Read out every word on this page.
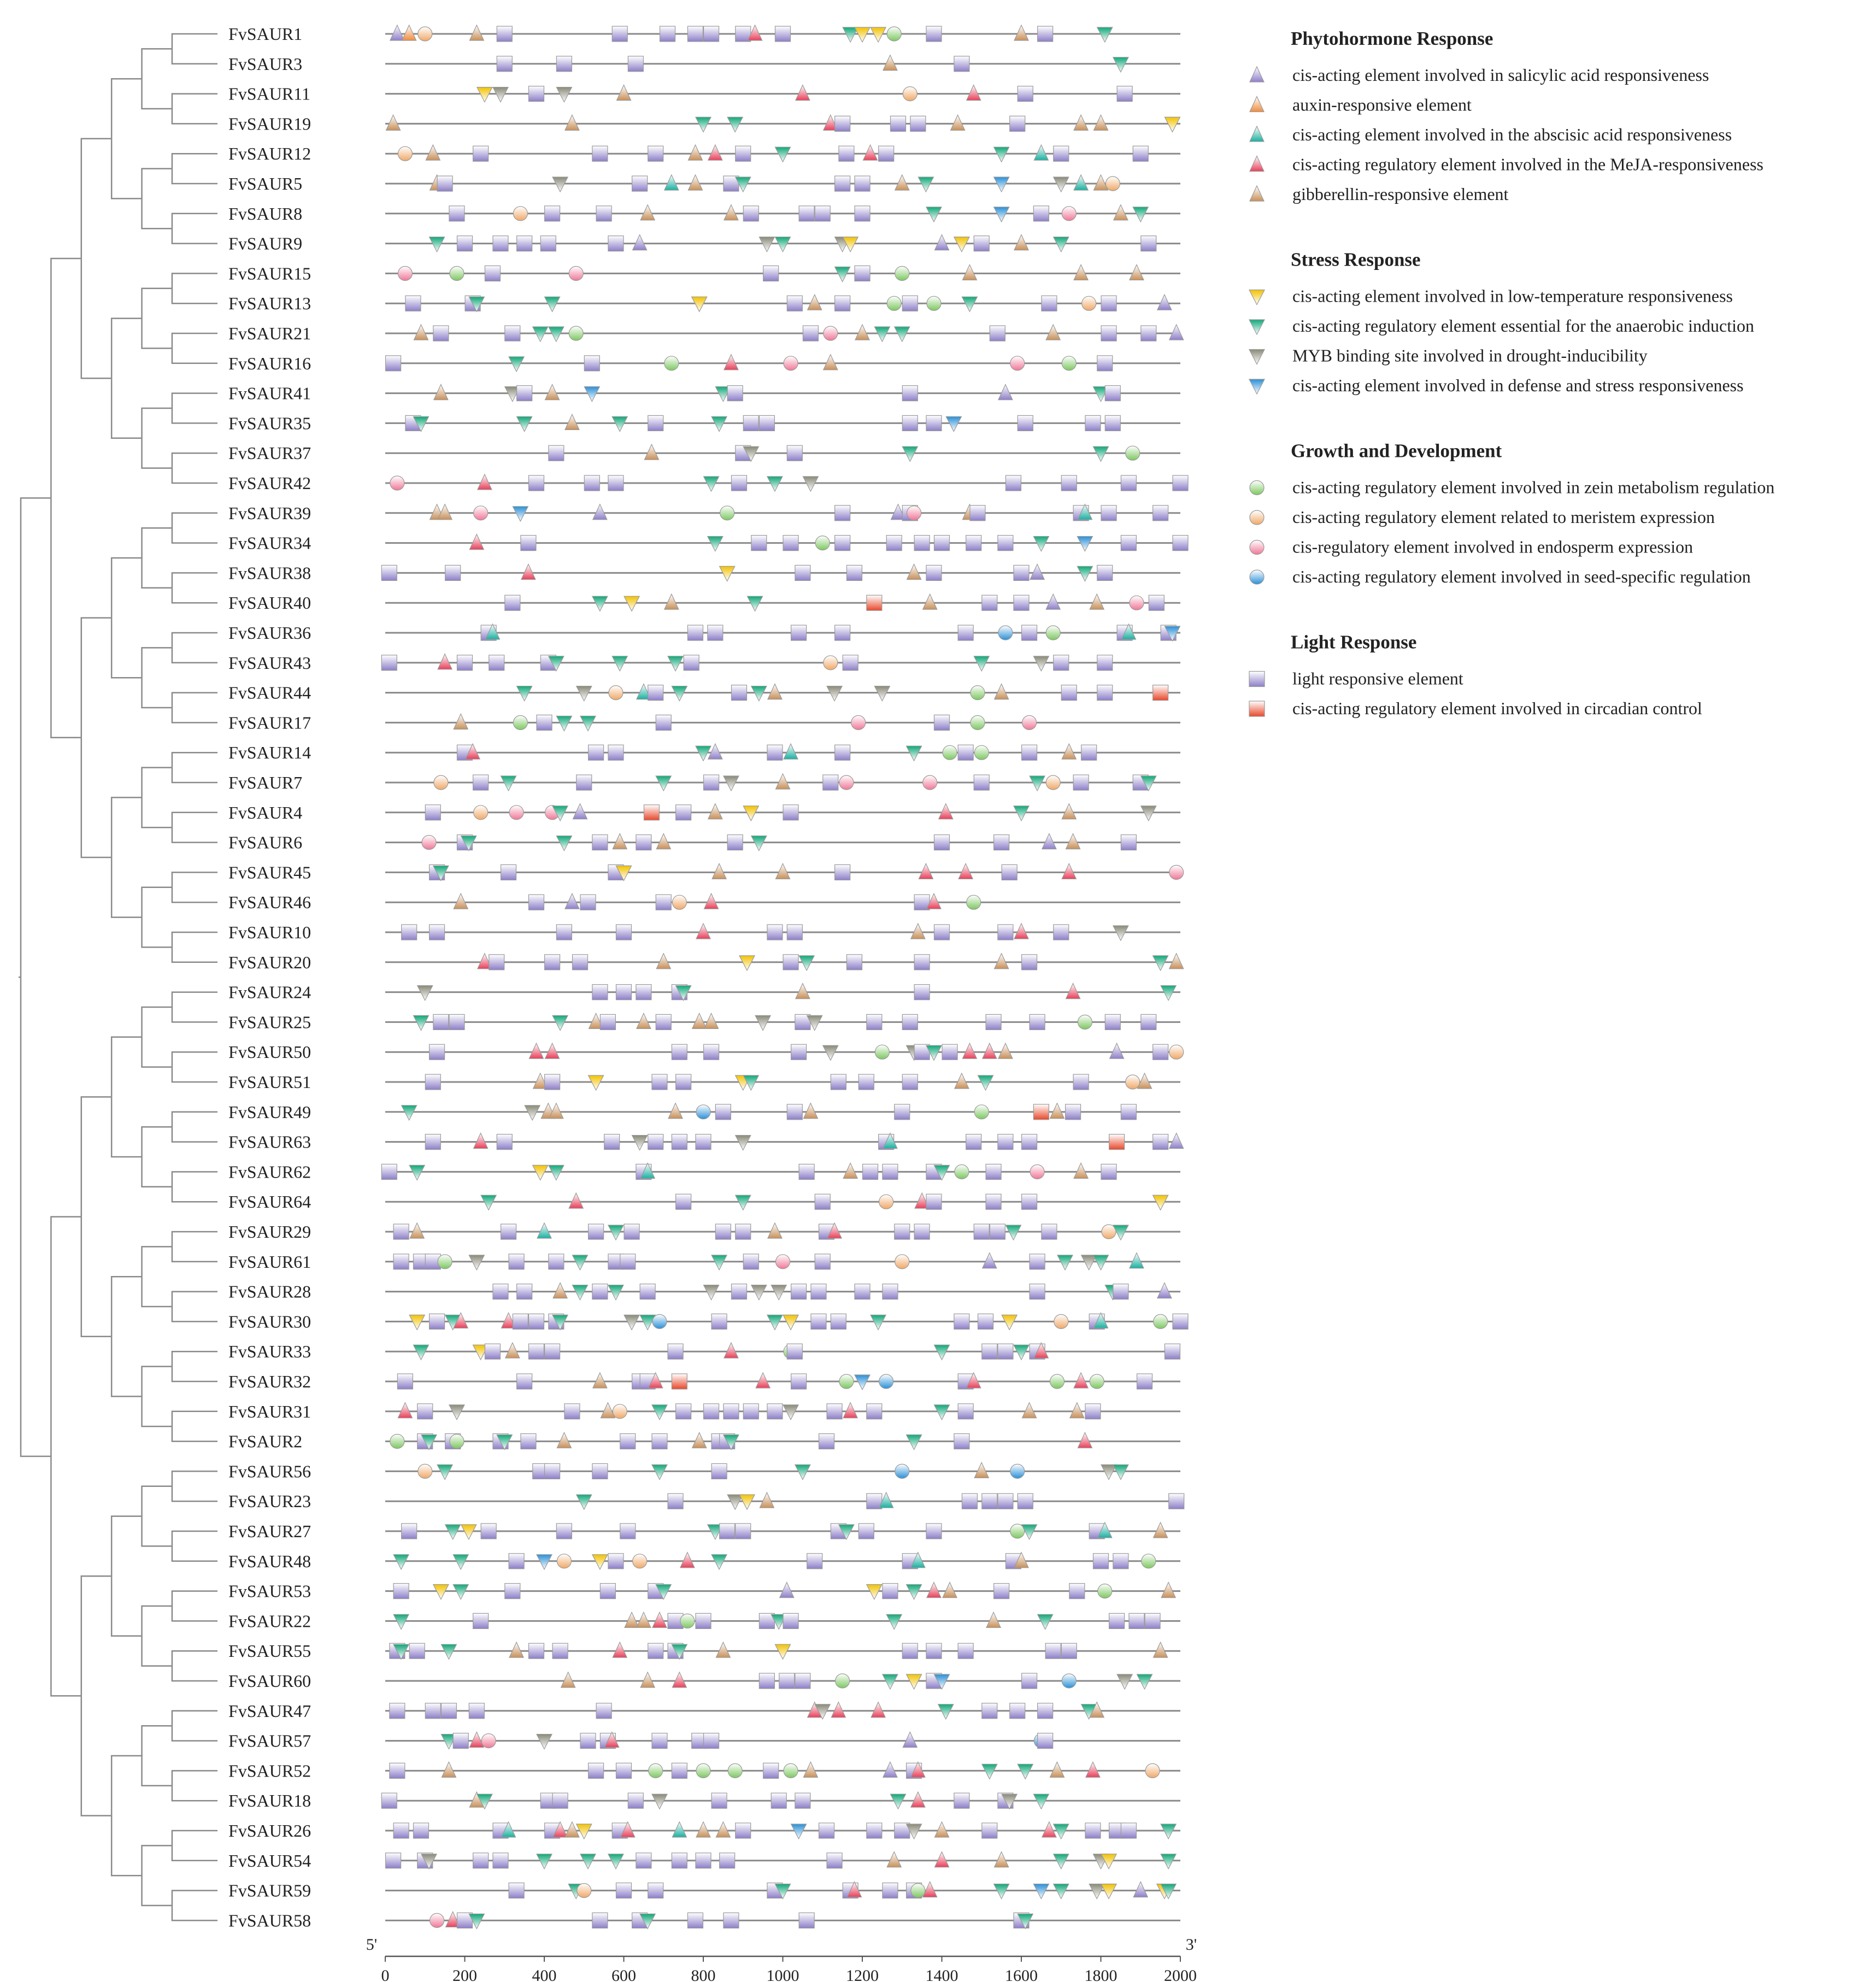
FvSAUR1
FvSAUR3
FvSAUR11
FvSAUR19
FvSAUR12
FvSAUR5
FvSAUR8
FvSAUR9
FvSAUR15
FvSAUR13
FvSAUR21
FvSAUR16
FvSAUR41
FvSAUR35
FvSAUR37
FvSAUR42
FvSAUR39
FvSAUR34
FvSAUR38
FvSAUR40
FvSAUR36
FvSAUR43
FvSAUR44
FvSAUR17
FvSAUR14
FvSAUR7
FvSAUR4
FvSAUR6
FvSAUR45
FvSAUR46
FvSAUR10
FvSAUR20
FvSAUR24
FvSAUR25
FvSAUR50
FvSAUR51
FvSAUR49
FvSAUR63
FvSAUR62
FvSAUR64
FvSAUR29
FvSAUR61
FvSAUR28
FvSAUR30
FvSAUR33
FvSAUR32
FvSAUR31
FvSAUR2
FvSAUR56
FvSAUR23
FvSAUR27
FvSAUR48
FvSAUR53
FvSAUR22
FvSAUR55
FvSAUR60
FvSAUR47
FvSAUR57
FvSAUR52
FvSAUR18
FvSAUR26
FvSAUR54
FvSAUR59
FvSAUR58
0	200	400	600	800	1000	1200	1400	1600	1800	2000
5'	3'
Phytohormone Response
cis-acting element involved in salicylic acid responsiveness
auxin-responsive element
cis-acting element involved in the abscisic acid responsiveness
cis-acting regulatory element involved in the MeJA-responsiveness
gibberellin-responsive element
Stress Response
cis-acting element involved in low-temperature responsiveness
cis-acting regulatory element essential for the anaerobic induction
MYB binding site involved in drought-inducibility
cis-acting element involved in defense and stress responsiveness
Growth and Development
cis-acting regulatory element involved in zein metabolism regulation
cis-acting regulatory element related to meristem expression
cis-regulatory element involved in endosperm expression
cis-acting regulatory element involved in seed-specific regulation
Light Response
light responsive element
cis-acting regulatory element involved in circadian control
